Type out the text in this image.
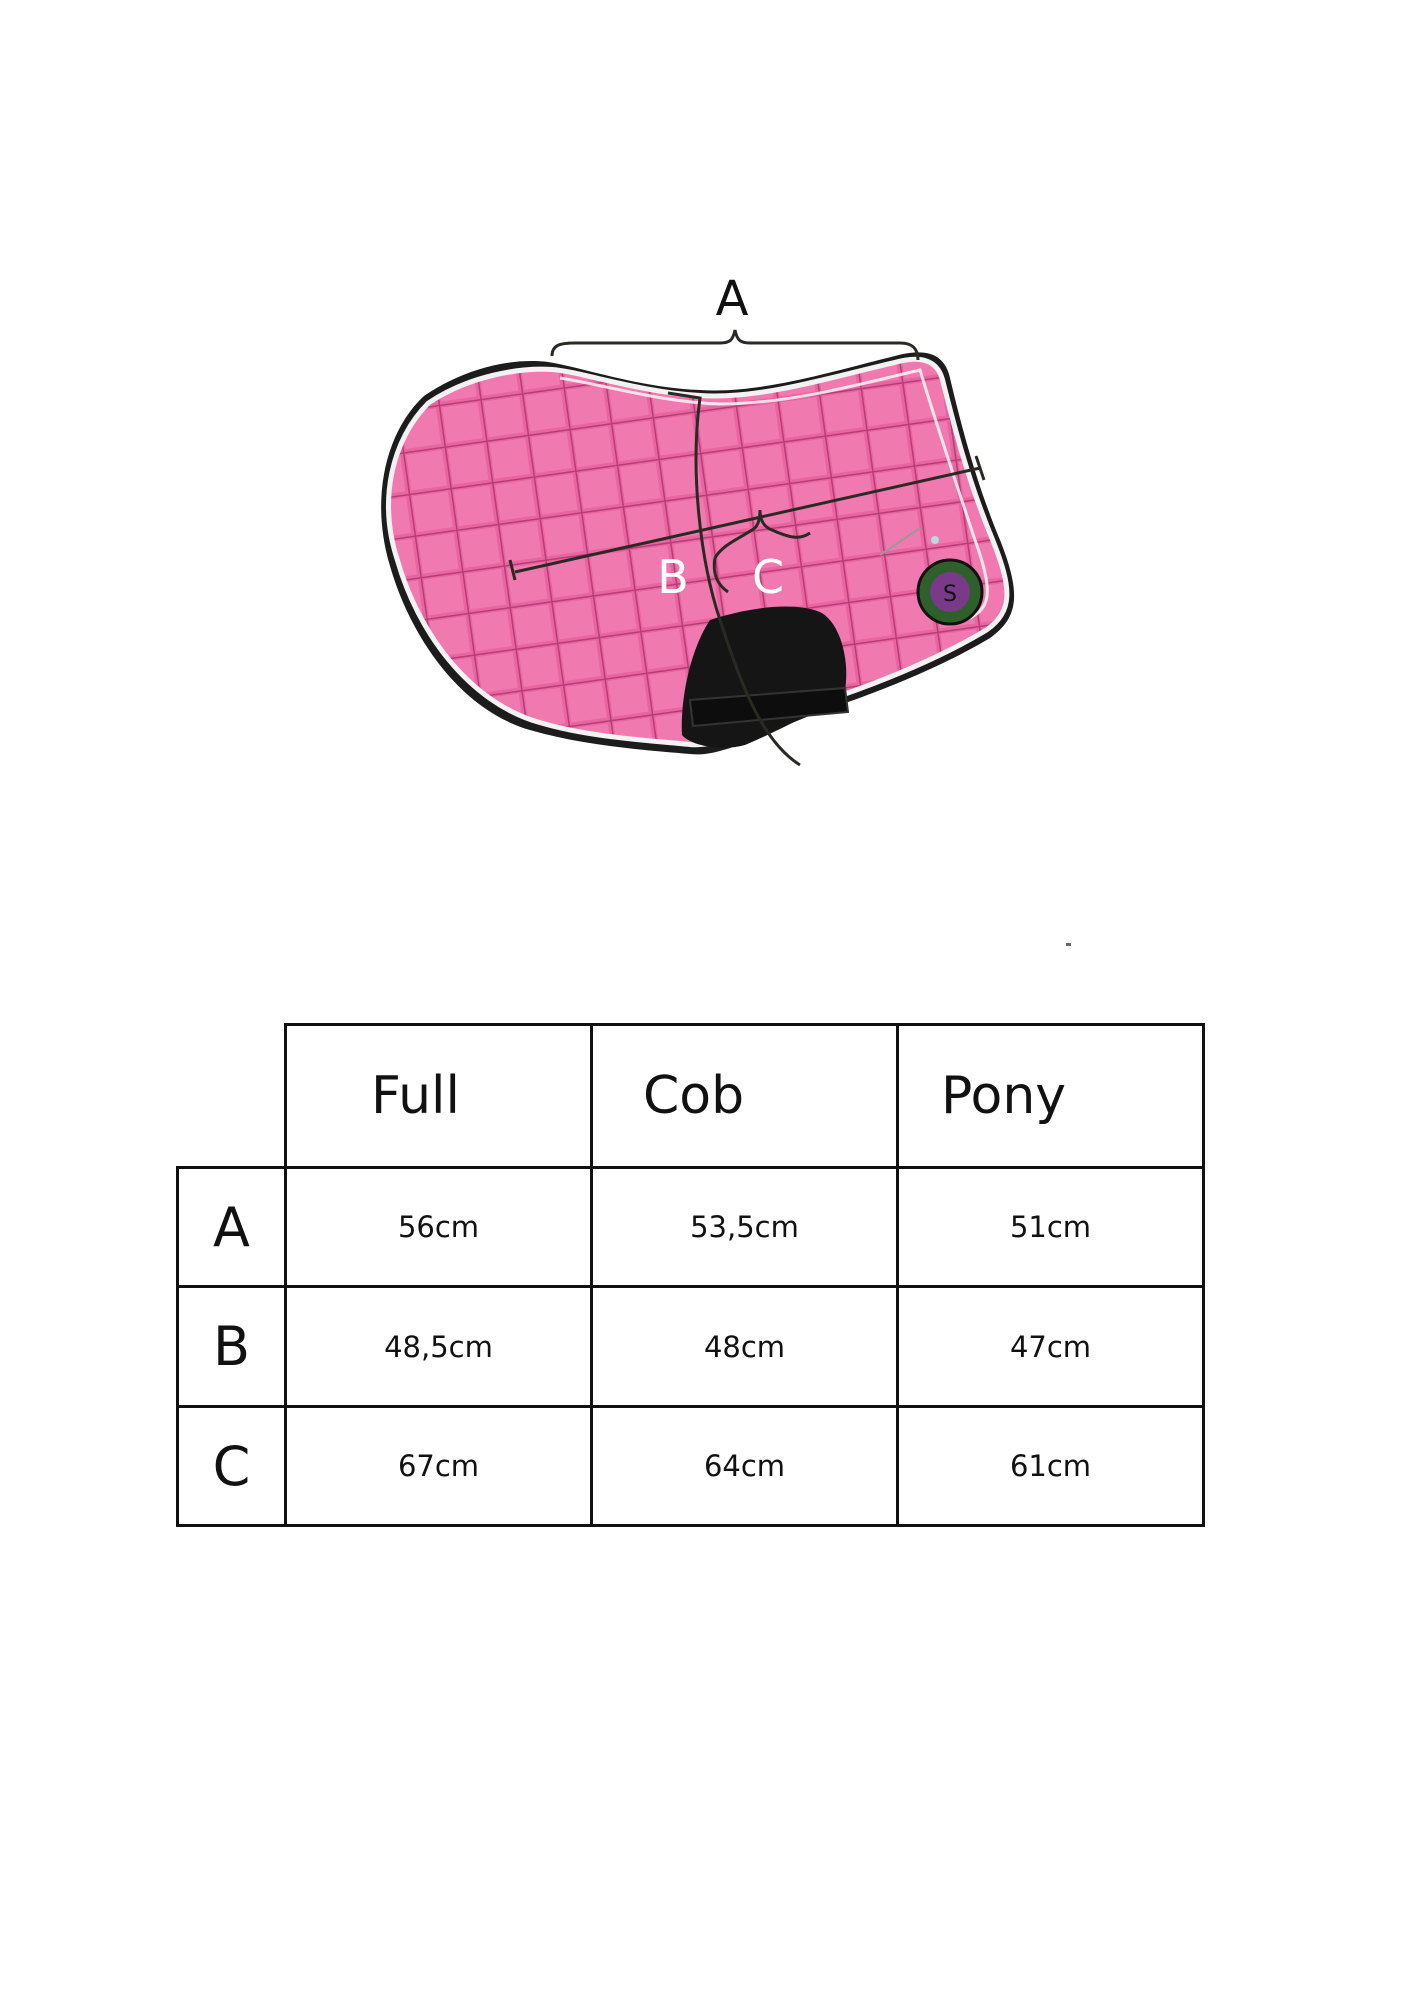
S
A
B C
	Full	Cob	Pony
A	56cm	53,5cm	51cm
B	48,5cm	48cm	47cm
C	67cm	64cm	61cm
